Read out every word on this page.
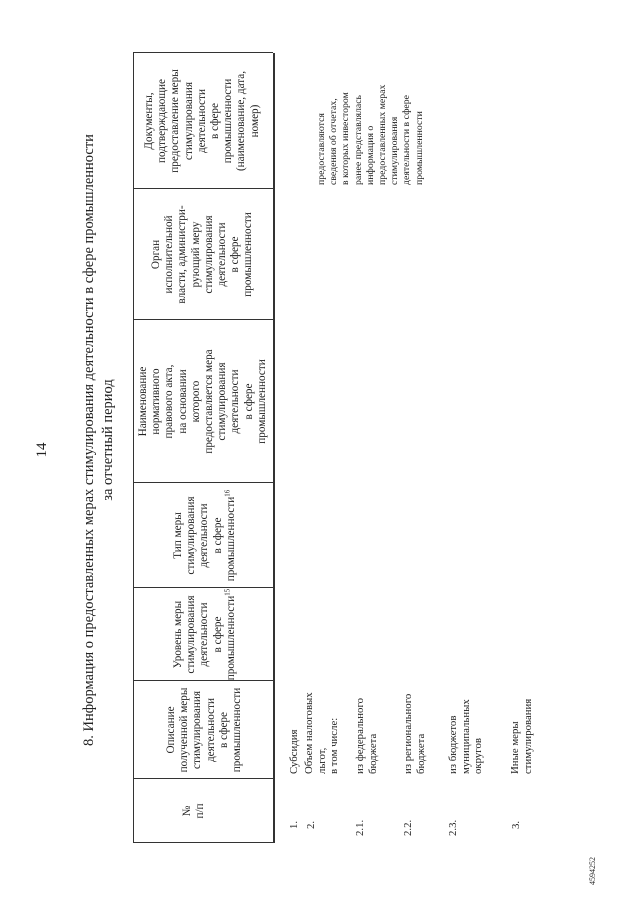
14 8. Информация о предоставленных мерах стимулирования деятельности в сфере промышленности за отчетный период
№ п/п
Описание полученной меры стимулирования деятельности в сфере промышленности
Уровень меры стимулирования деятельности в сфере промышленности$^{15}$
Тип меры стимулирования деятельности в сфере промышленности$^{16}$
Наименование нормативного правового акта, на основании которого предоставляется мера стимулирования деятельности в сфере промышленности
Орган исполнительной власти, администри- рующий меру стимулирования деятельности в сфере промышленности
Документы, подтверждающие предоставление меры стимулирования деятельности в сфере промышленности (наименование, дата, номер)
1.
Субсидия
2.
Объем налоговых льгот, в том числе:
2.1.
из федерального бюджета
2.2.
из регионального бюджета
2.3.
из бюджетов муниципальных округов
3.
Иные меры стимулирования
предоставляются сведения об отчетах, в которых инвестором ранее представлялась информация о предоставленных мерах стимулирования деятельности в сфере промышленности
4594252
